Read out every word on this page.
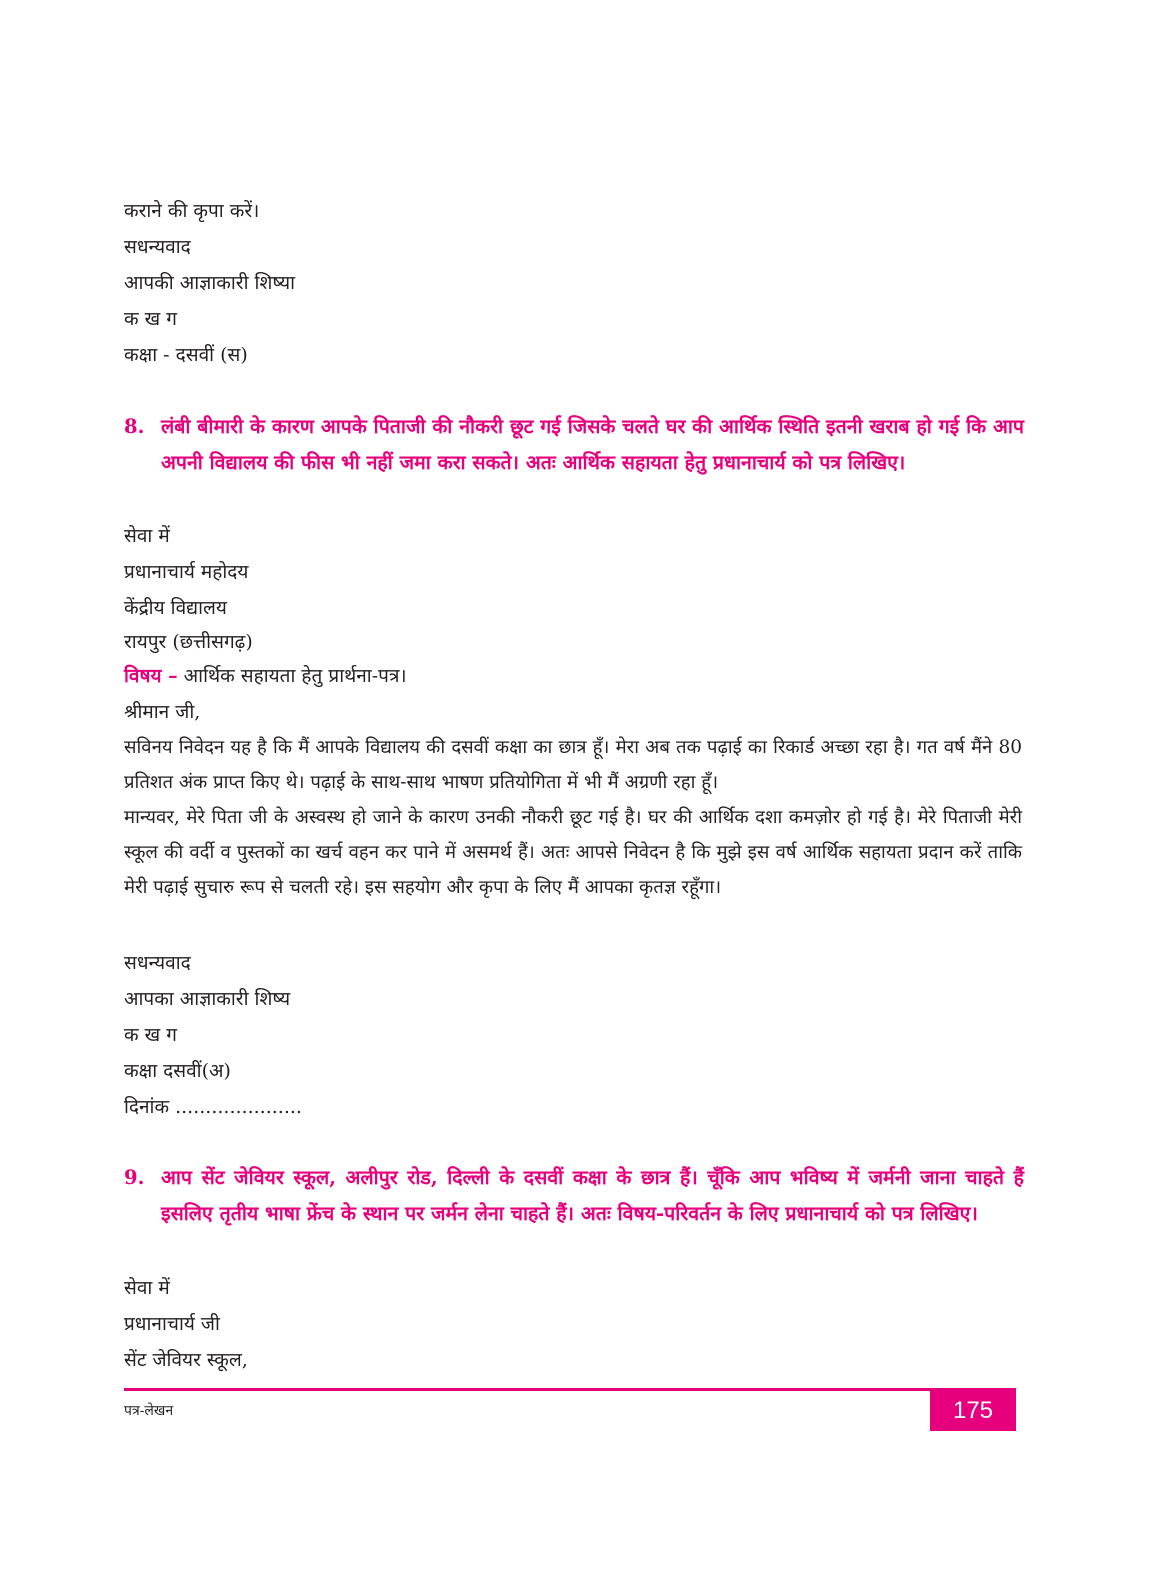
कराने की कृपा करें।
सधन्यवाद
आपकी आज्ञाकारी शिष्या
क ख ग
कक्षा - दसवीं (स)
8. लंबी बीमारी के कारण आपके पिताजी की नौकरी छूट गई जिसके चलते घर की आर्थिक स्थिति इतनी खराब हो गई कि आप अपनी विद्यालय की फीस भी नहीं जमा करा सकते। अतः आर्थिक सहायता हेतु प्रधानाचार्य को पत्र लिखिए।
सेवा में
प्रधानाचार्य महोदय
केंद्रीय विद्यालय
रायपुर (छत्तीसगढ़)
विषय – आर्थिक सहायता हेतु प्रार्थना-पत्र।
श्रीमान जी,
सविनय निवेदन यह है कि मैं आपके विद्यालय की दसवीं कक्षा का छात्र हूँ। मेरा अब तक पढ़ाई का रिकार्ड अच्छा रहा है। गत वर्ष मैंने 80 प्रतिशत अंक प्राप्त किए थे। पढ़ाई के साथ-साथ भाषण प्रतियोगिता में भी मैं अग्रणी रहा हूँ।
मान्यवर, मेरे पिता जी के अस्वस्थ हो जाने के कारण उनकी नौकरी छूट गई है। घर की आर्थिक दशा कमज़ोर हो गई है। मेरे पिताजी मेरी स्कूल की वर्दी व पुस्तकों का खर्च वहन कर पाने में असमर्थ हैं। अतः आपसे निवेदन है कि मुझे इस वर्ष आर्थिक सहायता प्रदान करें ताकि मेरी पढ़ाई सुचारु रूप से चलती रहे। इस सहयोग और कृपा के लिए मैं आपका कृतज्ञ रहूँगा।
सधन्यवाद
आपका आज्ञाकारी शिष्य
क ख ग
कक्षा दसवीं(अ)
दिनांक .....................
9. आप सेंट जेवियर स्कूल, अलीपुर रोड, दिल्ली के दसवीं कक्षा के छात्र हैं। चूँकि आप भविष्य में जर्मनी जाना चाहते हैं इसलिए तृतीय भाषा फ्रेंच के स्थान पर जर्मन लेना चाहते हैं। अतः विषय-परिवर्तन के लिए प्रधानाचार्य को पत्र लिखिए।
सेवा में
प्रधानाचार्य जी
सेंट जेवियर स्कूल,
पत्र-लेखन	175
